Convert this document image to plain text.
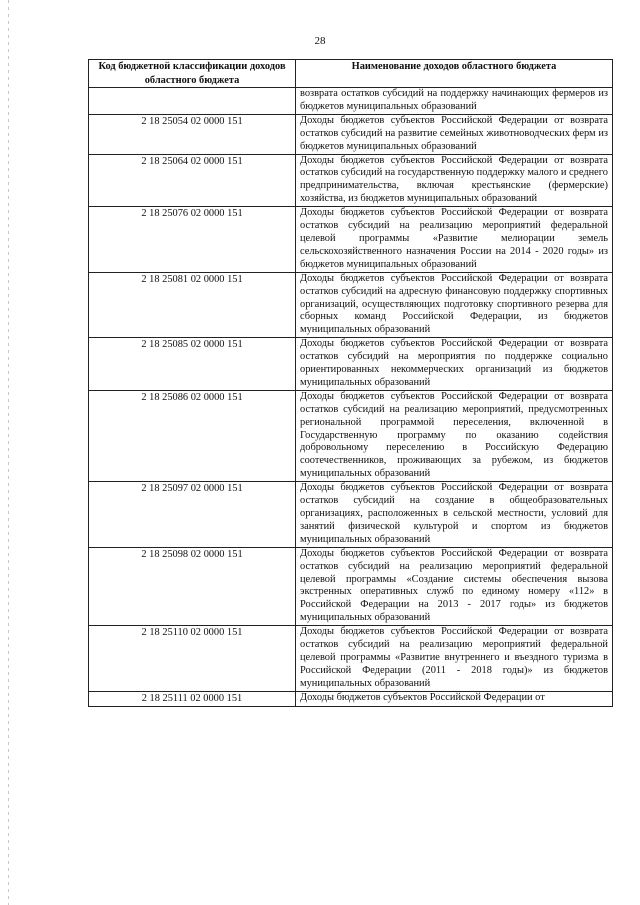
28
Код бюджетной классификации доходов областного бюджета	Наименование доходов областного бюджета
	возврата остатков субсидий на поддержку начинающих фермеров из бюджетов муниципальных образований
2 18 25054 02 0000 151	Доходы бюджетов субъектов Российской Федерации от возврата остатков субсидий на развитие семейных животноводческих ферм из бюджетов муниципальных образований
2 18 25064 02 0000 151	Доходы бюджетов субъектов Российской Федерации от возврата остатков субсидий на государственную поддержку малого и среднего предпринимательства, включая крестьянские (фермерские) хозяйства, из бюджетов муниципальных образований
2 18 25076 02 0000 151	Доходы бюджетов субъектов Российской Федерации от возврата остатков субсидий на реализацию мероприятий федеральной целевой программы «Развитие мелиорации земель сельскохозяйственного назначения России на 2014 - 2020 годы» из бюджетов муниципальных образований
2 18 25081 02 0000 151	Доходы бюджетов субъектов Российской Федерации от возврата остатков субсидий на адресную финансовую поддержку спортивных организаций, осуществляющих подготовку спортивного резерва для сборных команд Российской Федерации, из бюджетов муниципальных образований
2 18 25085 02 0000 151	Доходы бюджетов субъектов Российской Федерации от возврата остатков субсидий на мероприятия по поддержке социально ориентированных некоммерческих организаций из бюджетов муниципальных образований
2 18 25086 02 0000 151	Доходы бюджетов субъектов Российской Федерации от возврата остатков субсидий на реализацию мероприятий, предусмотренных региональной программой переселения, включенной в Государственную программу по оказанию содействия добровольному переселению в Российскую Федерацию соотечественников, проживающих за рубежом, из бюджетов муниципальных образований
2 18 25097 02 0000 151	Доходы бюджетов субъектов Российской Федерации от возврата остатков субсидий на создание в общеобразовательных организациях, расположенных в сельской местности, условий для занятий физической культурой и спортом из бюджетов муниципальных образований
2 18 25098 02 0000 151	Доходы бюджетов субъектов Российской Федерации от возврата остатков субсидий на реализацию мероприятий федеральной целевой программы «Создание системы обеспечения вызова экстренных оперативных служб по единому номеру «112» в Российской Федерации на 2013 - 2017 годы» из бюджетов муниципальных образований
2 18 25110 02 0000 151	Доходы бюджетов субъектов Российской Федерации от возврата остатков субсидий на реализацию мероприятий федеральной целевой программы «Развитие внутреннего и въездного туризма в Российской Федерации (2011 - 2018 годы)» из бюджетов муниципальных образований
2 18 25111 02 0000 151	Доходы бюджетов субъектов Российской Федерации от
